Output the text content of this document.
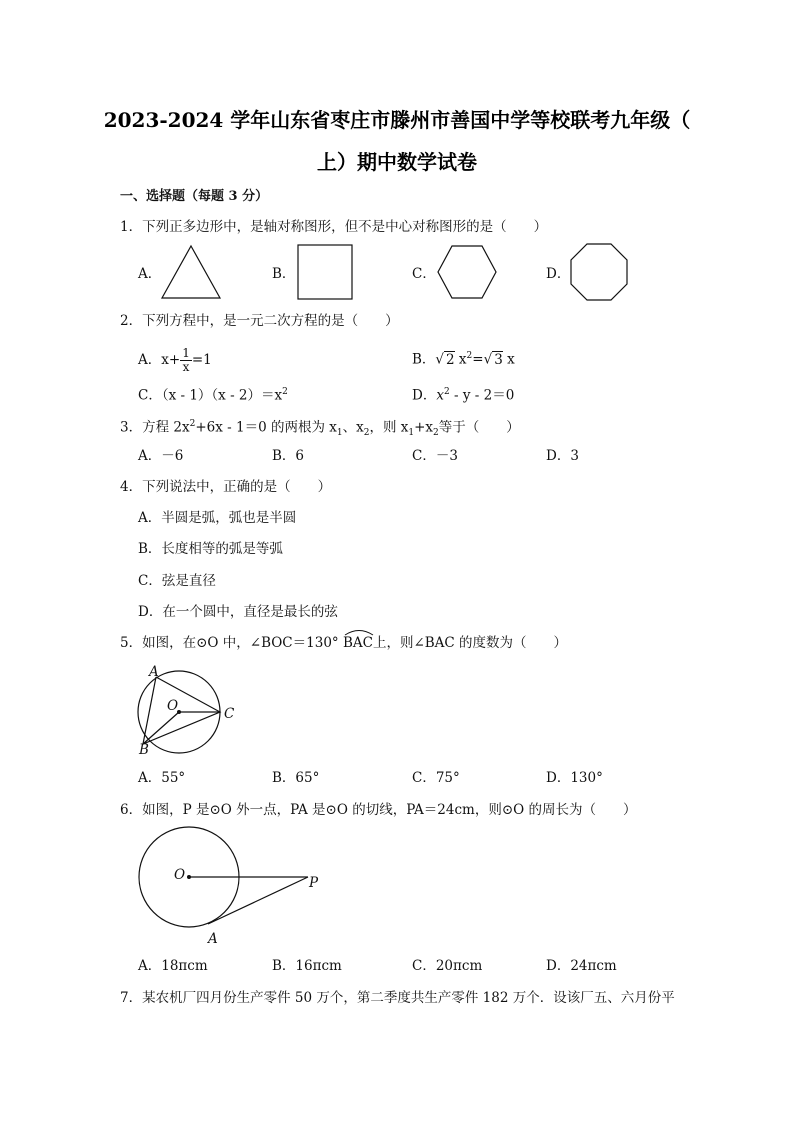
2023-2024 学年山东省枣庄市滕州市善国中学等校联考九年级（
上）期中数学试卷
一、选择题（每题 3 分）
1．下列正多边形中，是轴对称图形，但不是中心对称图形的是（　　）
A．	B．	C．	D．
2．下列方程中，是一元二次方程的是（　　）
A．$x+ \frac{1}{x} =1$	B．√ 2 $x^2=√$ 3 x
C．$(x - 1)(x - 2)=x^2$	D．$x^2 - y - 2=0$
3．方程 $2x^2+6x - 1=0$ 的两根为 $x_1$、$x_2$，则 $x_1+x_2$等于（　　）
A．－6	B．6	C．－3	D．3
4．下列说法中，正确的是（　　）
A．半圆是弧，弧也是半圆
B．长度相等的弧是等弧
C．弦是直径
D．在一个圆中，直径是最长的弦
5．如图，在⊙O 中，∠BOC＝130° BAC上，则∠BAC 的度数为（　　）
A
O	C
B
A．55°	B．65°	C．75°	D．130°
6．如图，P 是⊙O 外一点，PA 是⊙O 的切线，PA＝24cm，则⊙O 的周长为（　　）
O	P
A
A．18πcm	B．16πcm	C．20πcm	D．24πcm
7．某农机厂四月份生产零件 50 万个，第二季度共生产零件 182 万个．设该厂五、六月份平
